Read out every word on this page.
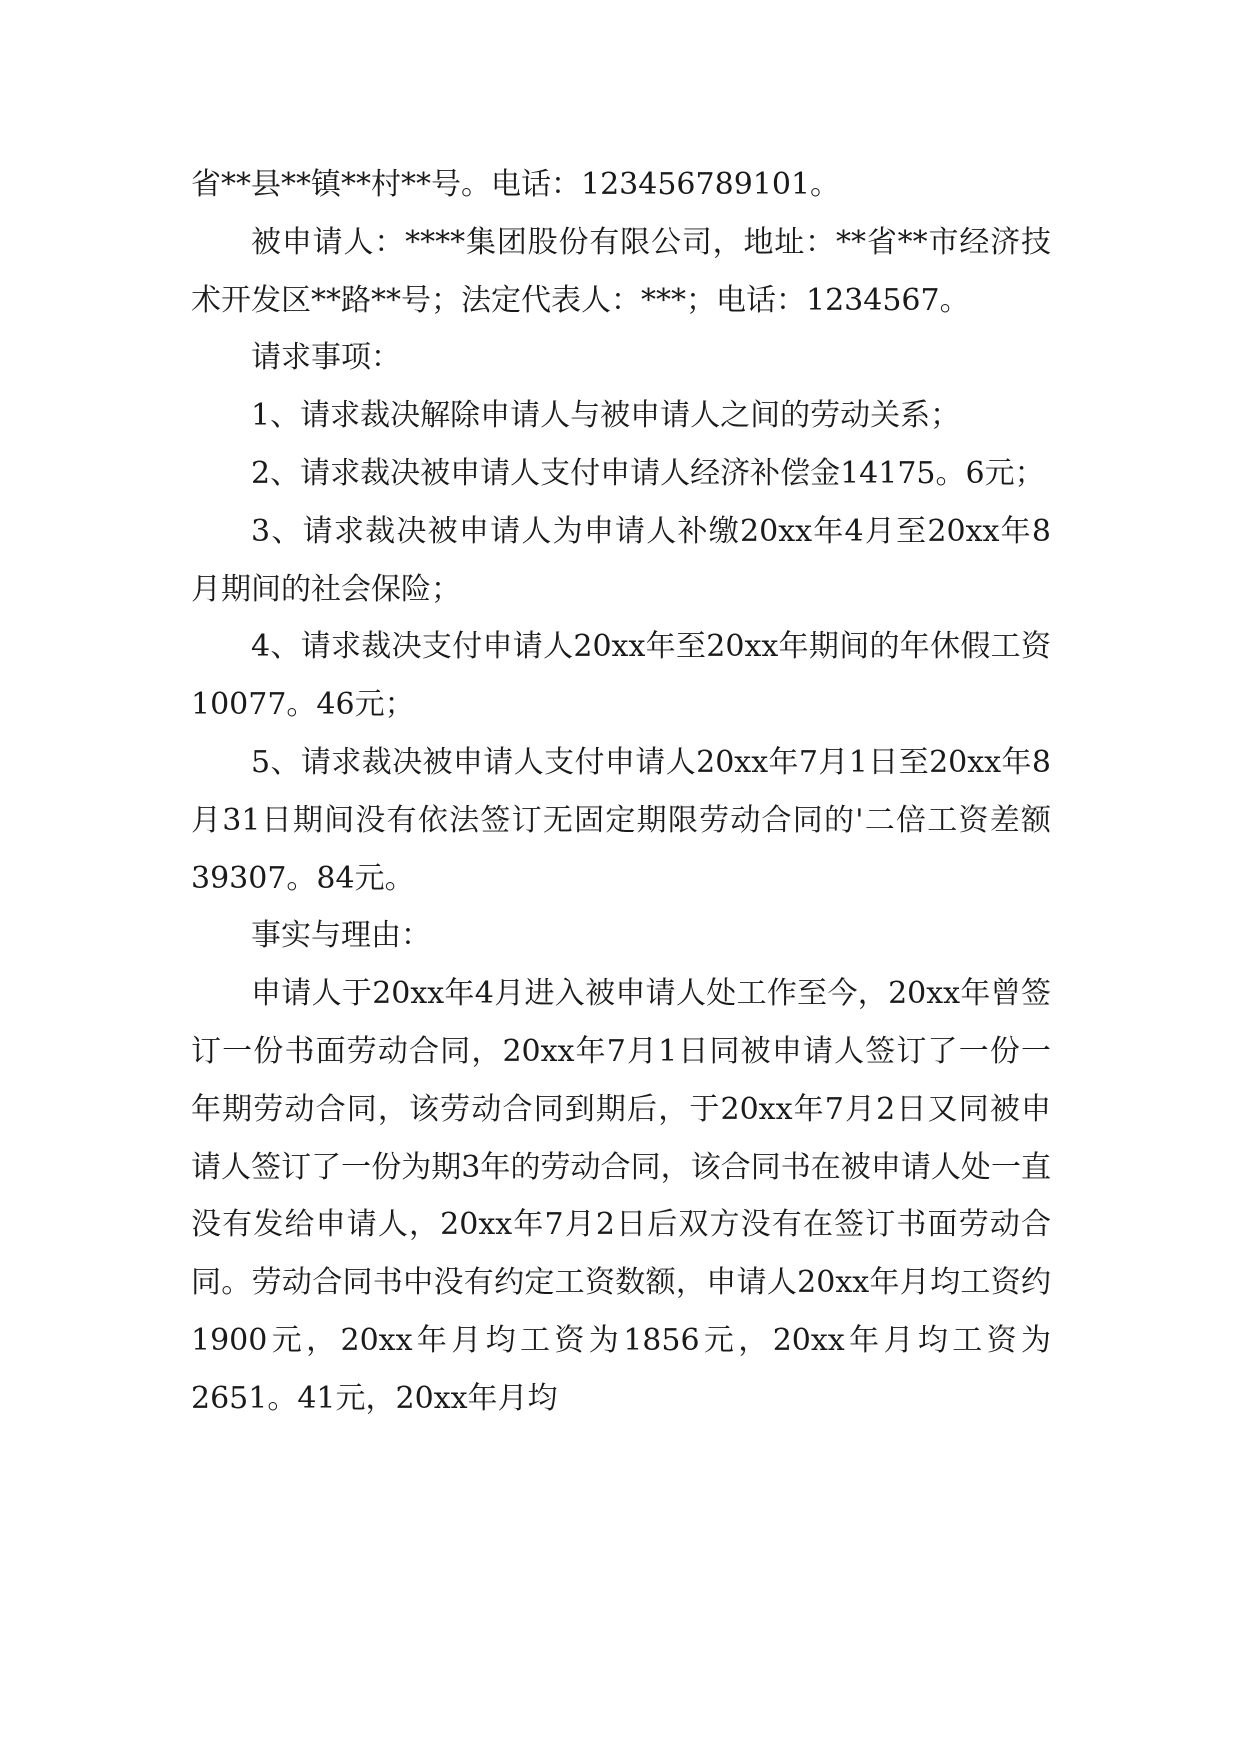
省**县**镇**村**号。电话：123456789101。

被申请人：****集团股份有限公司，地址：**省**市经济技术开发区**路**号；法定代表人：***；电话：1234567。

请求事项：

1、请求裁决解除申请人与被申请人之间的劳动关系；

2、请求裁决被申请人支付申请人经济补偿金14175。6元；

3、请求裁决被申请人为申请人补缴20xx年4月至20xx年8月期间的社会保险；

4、请求裁决支付申请人20xx年至20xx年期间的年休假工资10077。46元；

5、请求裁决被申请人支付申请人20xx年7月1日至20xx年8月31日期间没有依法签订无固定期限劳动合同的'二倍工资差额39307。84元。

事实与理由：

申请人于20xx年4月进入被申请人处工作至今，20xx年曾签订一份书面劳动合同，20xx年7月1日同被申请人签订了一份一年期劳动合同，该劳动合同到期后，于20xx年7月2日又同被申请人签订了一份为期3年的劳动合同，该合同书在被申请人处一直没有发给申请人，20xx年7月2日后双方没有在签订书面劳动合同。劳动合同书中没有约定工资数额，申请人20xx年月均工资约1900元，20xx年月均工资为1856元，20xx年月均工资为2651。41元，20xx年月均
